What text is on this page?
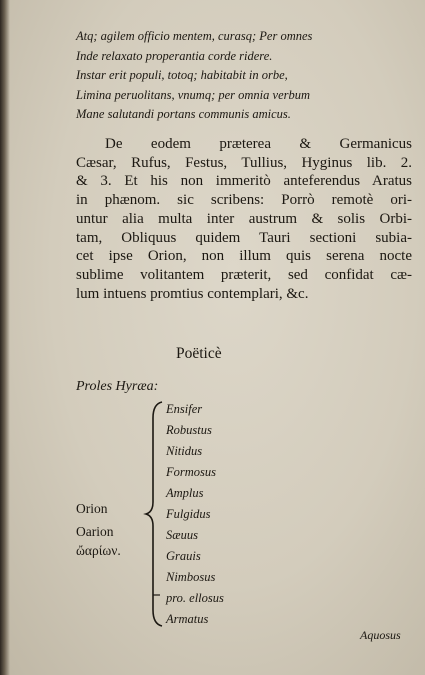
Atq; agilem officio mentem, curasq; Per omnes
Inde relaxato properantia corde ridere.
Instar erit populi, totoq; habitabit in orbe,
Limina peruolitans, vnumq; per omnia verbum
Mane salutandi portans communis amicus.
De eodem præterea & Germanicus
Cæsar, Rufus, Festus, Tullius, Hyginus lib. 2.
& 3. Et his non immeritò anteferendus Aratus
in phænom. sic scribens: Porrò remotè ori-
untur alia multa inter austrum & solis Orbi-
tam, Obliquus quidem Tauri sectioni subia-
cet ipse Orion, non illum quis serena nocte
sublime volitantem præterit, sed confidat cæ-
lum intuens promtius contemplari, &c.
Poëticè
Proles Hyræa:
Orion
Oarion
ὤαρίων.
Ensifer
Robustus
Nitidus
Formosus
Amplus
Fulgidus
Sæuus
Grauis
Nimbosus
pro. ellosus
Armatus
Aquosus
